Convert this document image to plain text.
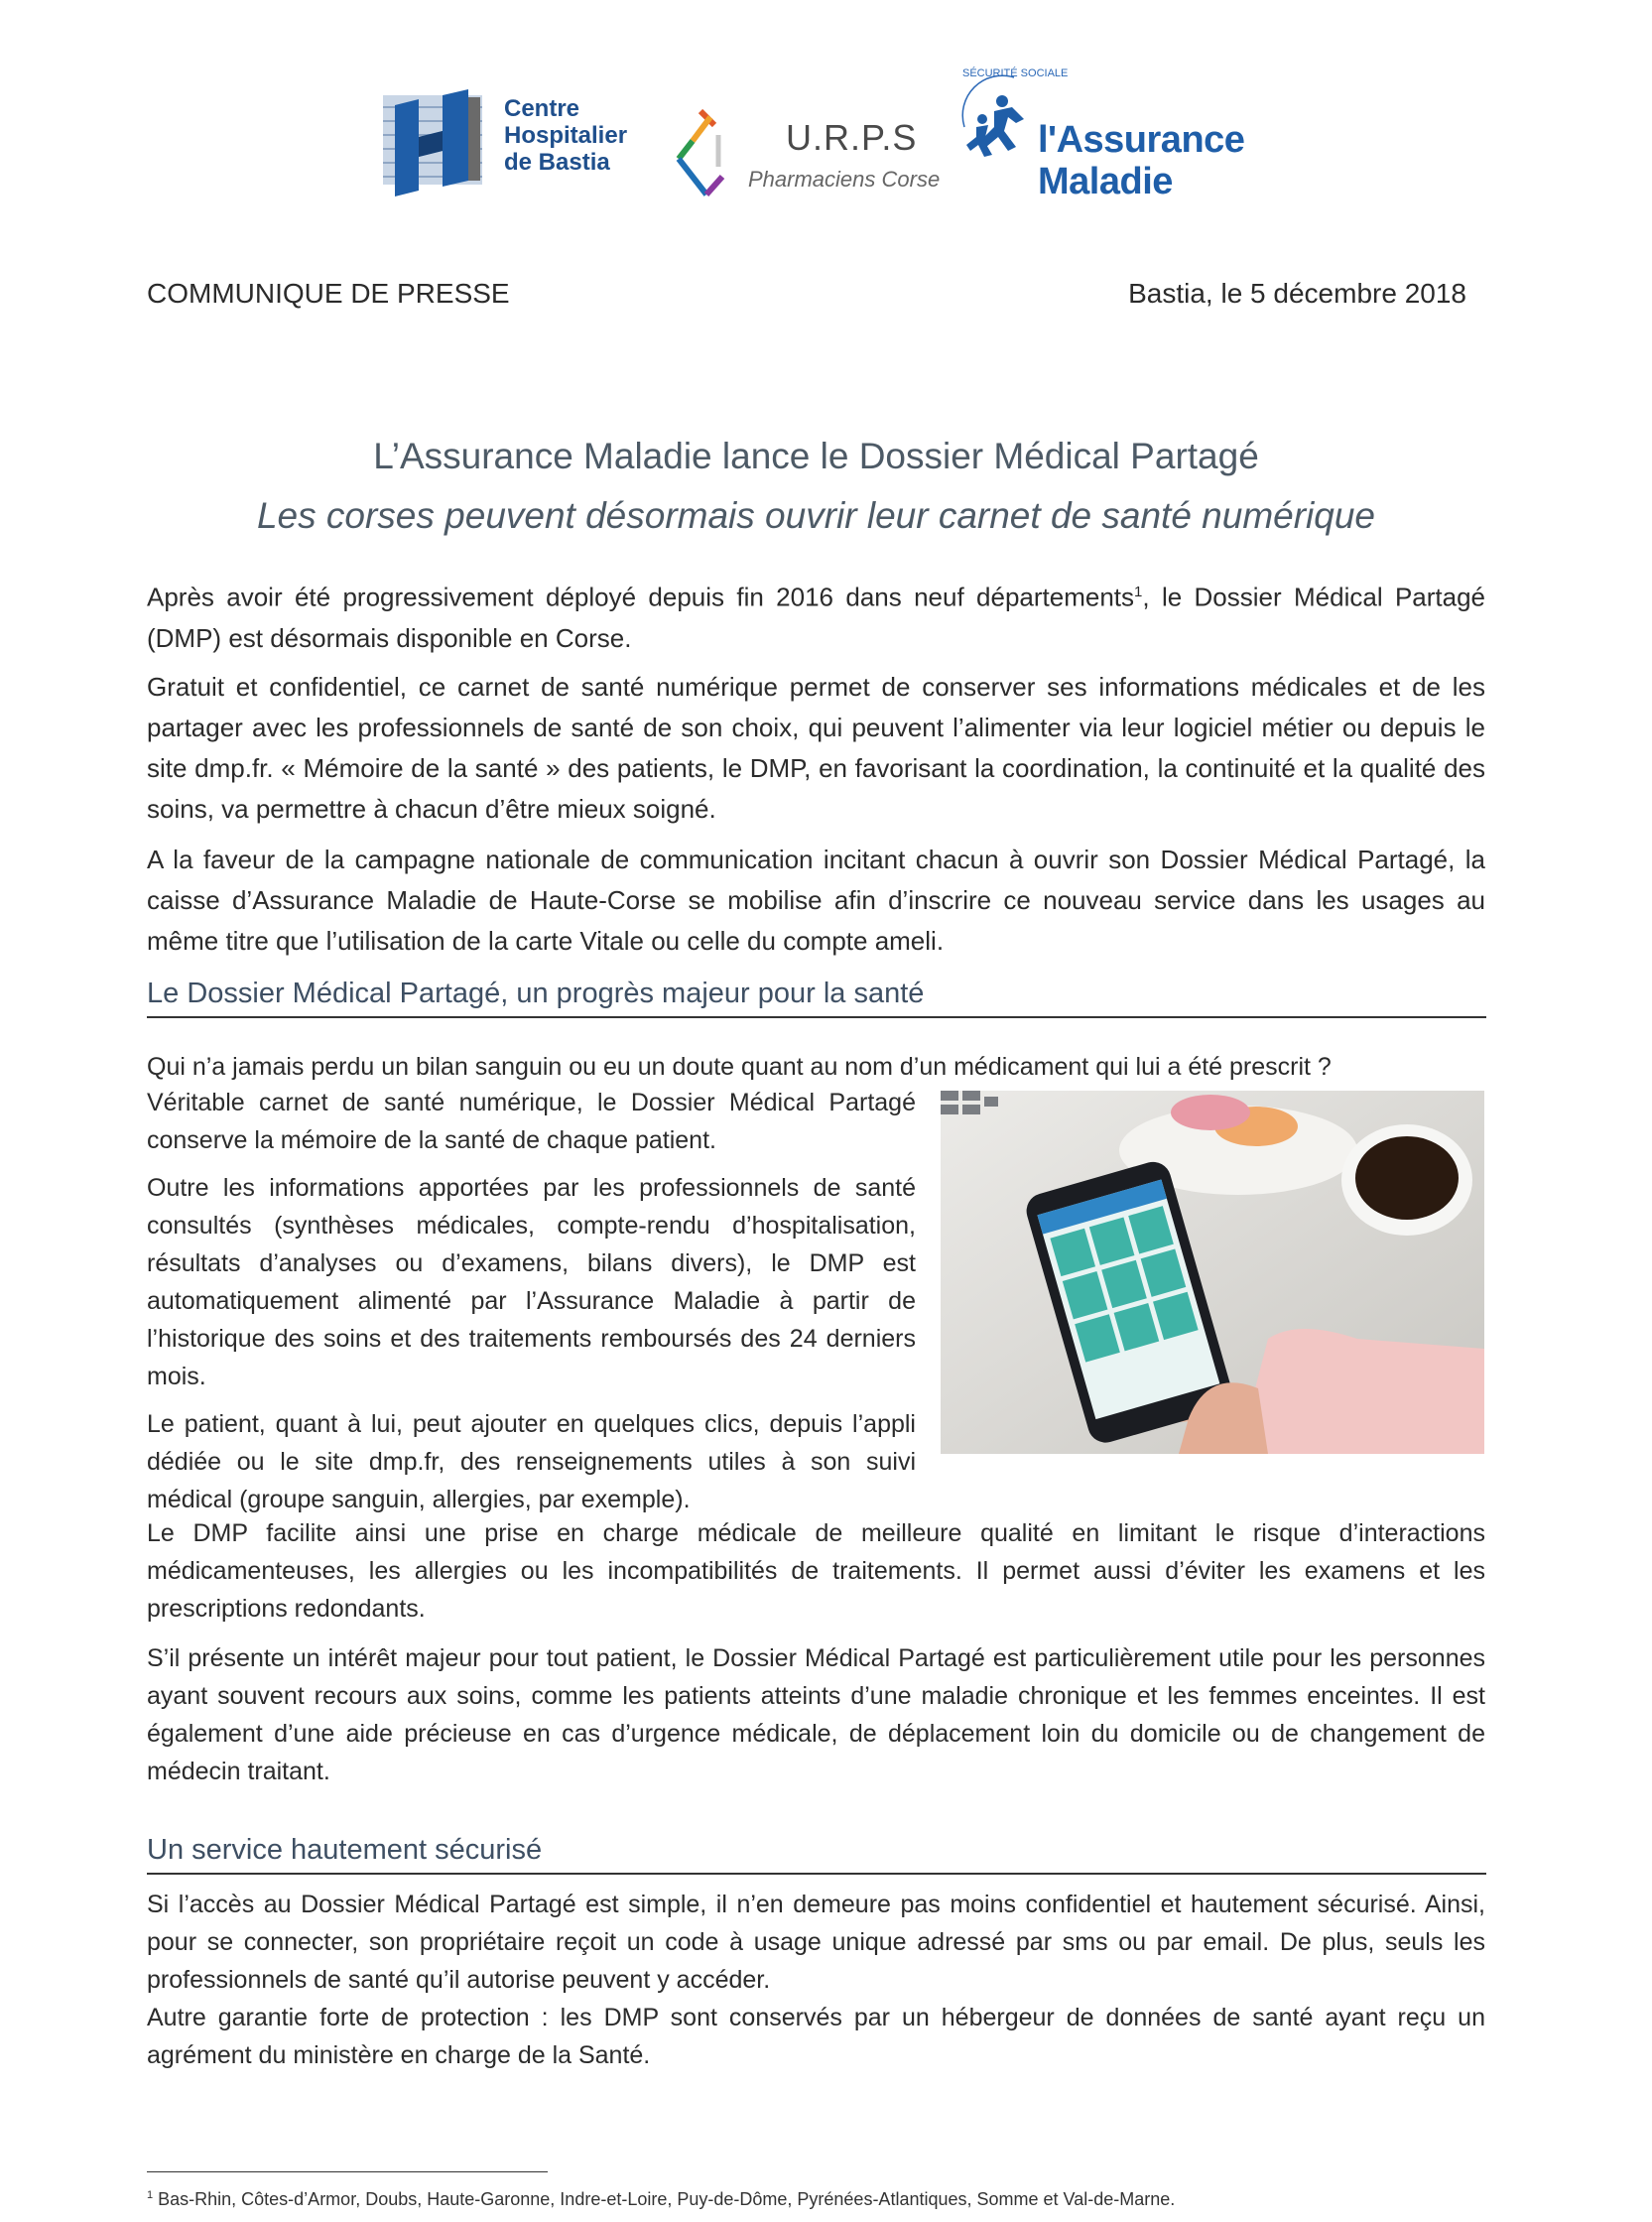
Centre
Hospitalier
de Bastia
U.R.P.S
Pharmaciens Corse
SÉCURITÉ SOCIALE
l'Assurance
Maladie
COMMUNIQUE DE PRESSE	Bastia, le 5 décembre 2018
L’Assurance Maladie lance le Dossier Médical Partagé
Les corses peuvent désormais ouvrir leur carnet de santé numérique

Après avoir été progressivement déployé depuis fin 2016 dans neuf départements$^1$, le Dossier Médical Partagé (DMP) est désormais disponible en Corse.

Gratuit et confidentiel, ce carnet de santé numérique permet de conserver ses informations médicales et de les partager avec les professionnels de santé de son choix, qui peuvent l’alimenter via leur logiciel métier ou depuis le site dmp.fr. « Mémoire de la santé » des patients, le DMP, en favorisant la coordination, la continuité et la qualité des soins, va permettre à chacun d’être mieux soigné.

A la faveur de la campagne nationale de communication incitant chacun à ouvrir son Dossier Médical Partagé, la caisse d’Assurance Maladie de Haute-Corse se mobilise afin d’inscrire ce nouveau service dans les usages au même titre que l’utilisation de la carte Vitale ou celle du compte ameli.

Le Dossier Médical Partagé, un progrès majeur pour la santé
Qui n’a jamais perdu un bilan sanguin ou eu un doute quant au nom d’un médicament qui lui a été prescrit ?

Véritable carnet de santé numérique, le Dossier Médical Partagé conserve la mémoire de la santé de chaque patient.

Outre les informations apportées par les professionnels de santé consultés (synthèses médicales, compte-rendu d’hospitalisation, résultats d’analyses ou d’examens, bilans divers), le DMP est automatiquement alimenté par l’Assurance Maladie à partir de l’historique des soins et des traitements remboursés des 24 derniers mois.

Le patient, quant à lui, peut ajouter en quelques clics, depuis l’appli dédiée ou le site dmp.fr, des renseignements utiles à son suivi médical (groupe sanguin, allergies, par exemple).

Le DMP facilite ainsi une prise en charge médicale de meilleure qualité en limitant le risque d’interactions médicamenteuses, les allergies ou les incompatibilités de traitements. Il permet aussi d’éviter les examens et les prescriptions redondants.

S’il présente un intérêt majeur pour tout patient, le Dossier Médical Partagé est particulièrement utile pour les personnes ayant souvent recours aux soins, comme les patients atteints d’une maladie chronique et les femmes enceintes. Il est également d’une aide précieuse en cas d’urgence médicale, de déplacement loin du domicile ou de changement de médecin traitant.

Un service hautement sécurisé

Si l’accès au Dossier Médical Partagé est simple, il n’en demeure pas moins confidentiel et hautement sécurisé. Ainsi, pour se connecter, son propriétaire reçoit un code à usage unique adressé par sms ou par email. De plus, seuls les professionnels de santé qu’il autorise peuvent y accéder.

Autre garantie forte de protection : les DMP sont conservés par un hébergeur de données de santé ayant reçu un agrément du ministère en charge de la Santé.

$^1$ Bas-Rhin, Côtes-d’Armor, Doubs, Haute-Garonne, Indre-et-Loire, Puy-de-Dôme, Pyrénées-Atlantiques, Somme et Val-de-Marne.
